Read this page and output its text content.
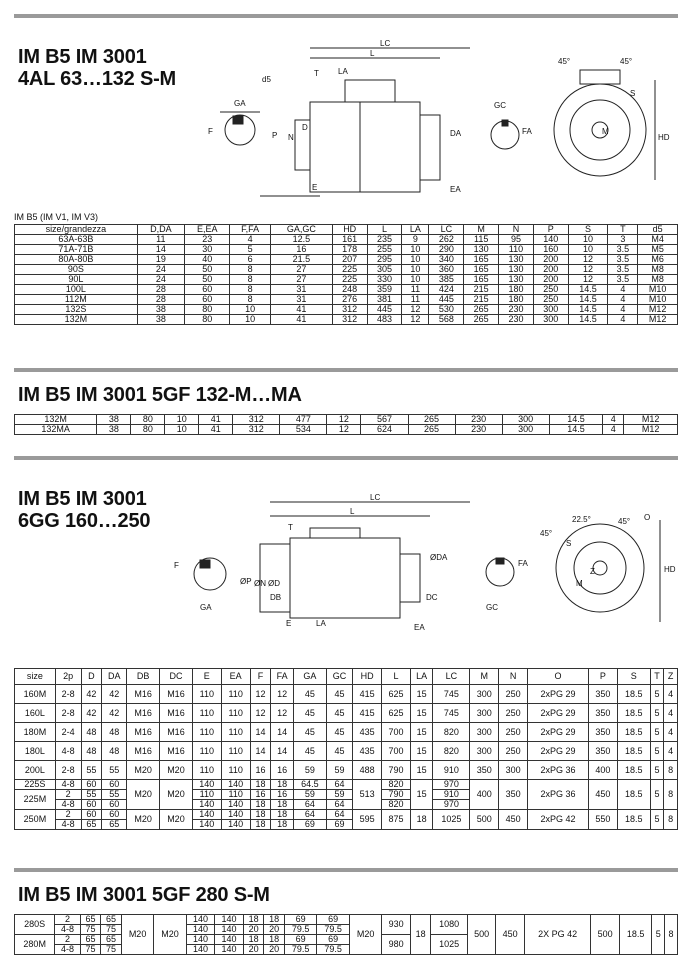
IM B5 IM 3001
4AL 63…132 S-M
LC
L
T LA
d5
GA
F	P N
D
E	EA
GC
DA	FA	M
S
HD
45°	45°
IM B5 (IM V1, IM V3)
size/grandezza	D,DA	E,EA	F,FA	GA,GC	HD	L	LA	LC	M	N	P	S	T	d5
63A-63B	11	23	4	12.5	161	235	9	262	115	95	140	10	3	M4
71A-71B	14	30	5	16	178	255	10	290	130	110	160	10	3.5	M5
80A-80B	19	40	6	21.5	207	295	10	340	165	130	200	12	3.5	M6
90S	24	50	8	27	225	305	10	360	165	130	200	12	3.5	M8
90L	24	50	8	27	225	330	10	385	165	130	200	12	3.5	M8
100L	28	60	8	31	248	359	11	424	215	180	250	14.5	4	M10
112M	28	60	8	31	276	381	11	445	215	180	250	14.5	4	M10
132S	38	80	10	41	312	445	12	530	265	230	300	14.5	4	M12
132M	38	80	10	41	312	483	12	568	265	230	300	14.5	4	M12
IM B5 IM 3001 5GF 132-M…MA
132M	38	80	10	41	312	477	12	567	265	230	300	14.5	4	M12
132MA	38	80	10	41	312	534	12	624	265	230	300	14.5	4	M12
IM B5 IM 3001
6GG 160…250
LC
L
T
F
ØP ØN ØD
DB
E	LA	EA
DC
ØDA
FA
GA	GC
22.5°
45°
45° O
S
M
Z	HD
size	2p	D	DA	DB	DC	E	EA	F	FA	GA	GC	HD	L	LA	LC	M	N	O	P	S	T	Z
160M	2-8	42	42	M16	M16	110	110	12	12	45	45	415	625	15	745	300	250	2xPG 29	350	18.5	5	4
160L	2-8	42	42	M16	M16	110	110	12	12	45	45	415	625	15	745	300	250	2xPG 29	350	18.5	5	4
180M	2-4	48	48	M16	M16	110	110	14	14	45	45	435	700	15	820	300	250	2xPG 29	350	18.5	5	4
180L	4-8	48	48	M16	M16	110	110	14	14	45	45	435	700	15	820	300	250	2xPG 29	350	18.5	5	4
200L	2-8	55	55	M20	M20	110	110	16	16	59	59	488	790	15	910	350	300	2xPG 36	400	18.5	5	8
225S	4-8	60	60	M20	M20	140	140	18	18	64.5	64	513	820	15	970	400	350	2xPG 36	450	18.5	5	8
225M	2	55	55			110	110	16	16	59	59		790		910							
	4-8	60	60			140	140	18	18	64	64		820		970							
250M	2	60	60	M20	M20	140	140	18	18	64	64	595	875	18	1025	500	450	2xPG 42	550	18.5	5	8
	4-8	65	65			140	140	18	18	69	69											
IM B5 IM 3001 5GF 280 S-M
280S	2	65	65	M20	M20	140	140	18	18	69	69	M20	930	18	1080	500	450	2X PG 42	500	18.5	5	8
	4-8	75	75			140	140	20	20	79.5	79.5											
280M	2	65	65			140	140	18	18	69	69		980		1025							
	4-8	75	75			140	140	20	20	79.5	79.5											
